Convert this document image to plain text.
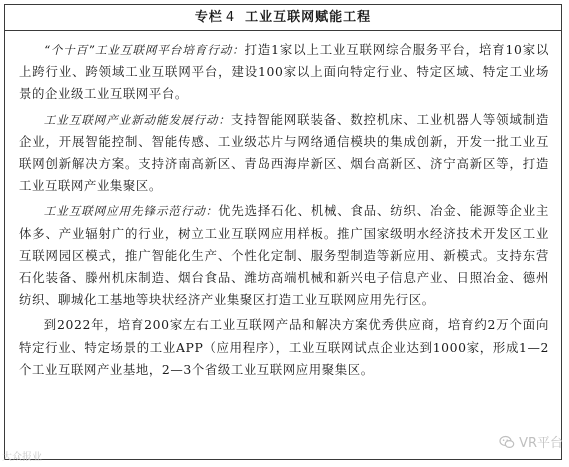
专栏 4 工业互联网赋能工程

“个十百”工业互联网平台培育行动：打造1家以上工业互联网综合服务平台，培育10家以上跨行业、跨领域工业互联网平台，建设100家以上面向特定行业、特定区域、特定工业场景的企业级工业互联网平台。

工业互联网产业新动能发展行动：支持智能网联装备、数控机床、工业机器人等领域制造企业，开展智能控制、智能传感、工业级芯片与网络通信模块的集成创新，开发一批工业互联网创新解决方案。支持济南高新区、青岛西海岸新区、烟台高新区、济宁高新区等，打造工业互联网产业集聚区。

工业互联网应用先锋示范行动：优先选择石化、机械、食品、纺织、冶金、能源等企业主体多、产业辐射广的行业，树立工业互联网应用样板。推广国家级明水经济技术开发区工业互联网园区模式，推广智能化生产、个性化定制、服务型制造等新应用、新模式。支持东营石化装备、滕州机床制造、烟台食品、潍坊高端机械和新兴电子信息产业、日照冶金、德州纺织、聊城化工基地等块状经济产业集聚区打造工业互联网应用先行区。

到2022年，培育200家左右工业互联网产品和解决方案优秀供应商，培育约2万个面向特定行业、特定场景的工业APP（应用程序），工业互联网试点企业达到1000家，形成1—2个工业互联网产业基地，2—3个省级工业互联网应用聚集区。

大众报业
VR平台
